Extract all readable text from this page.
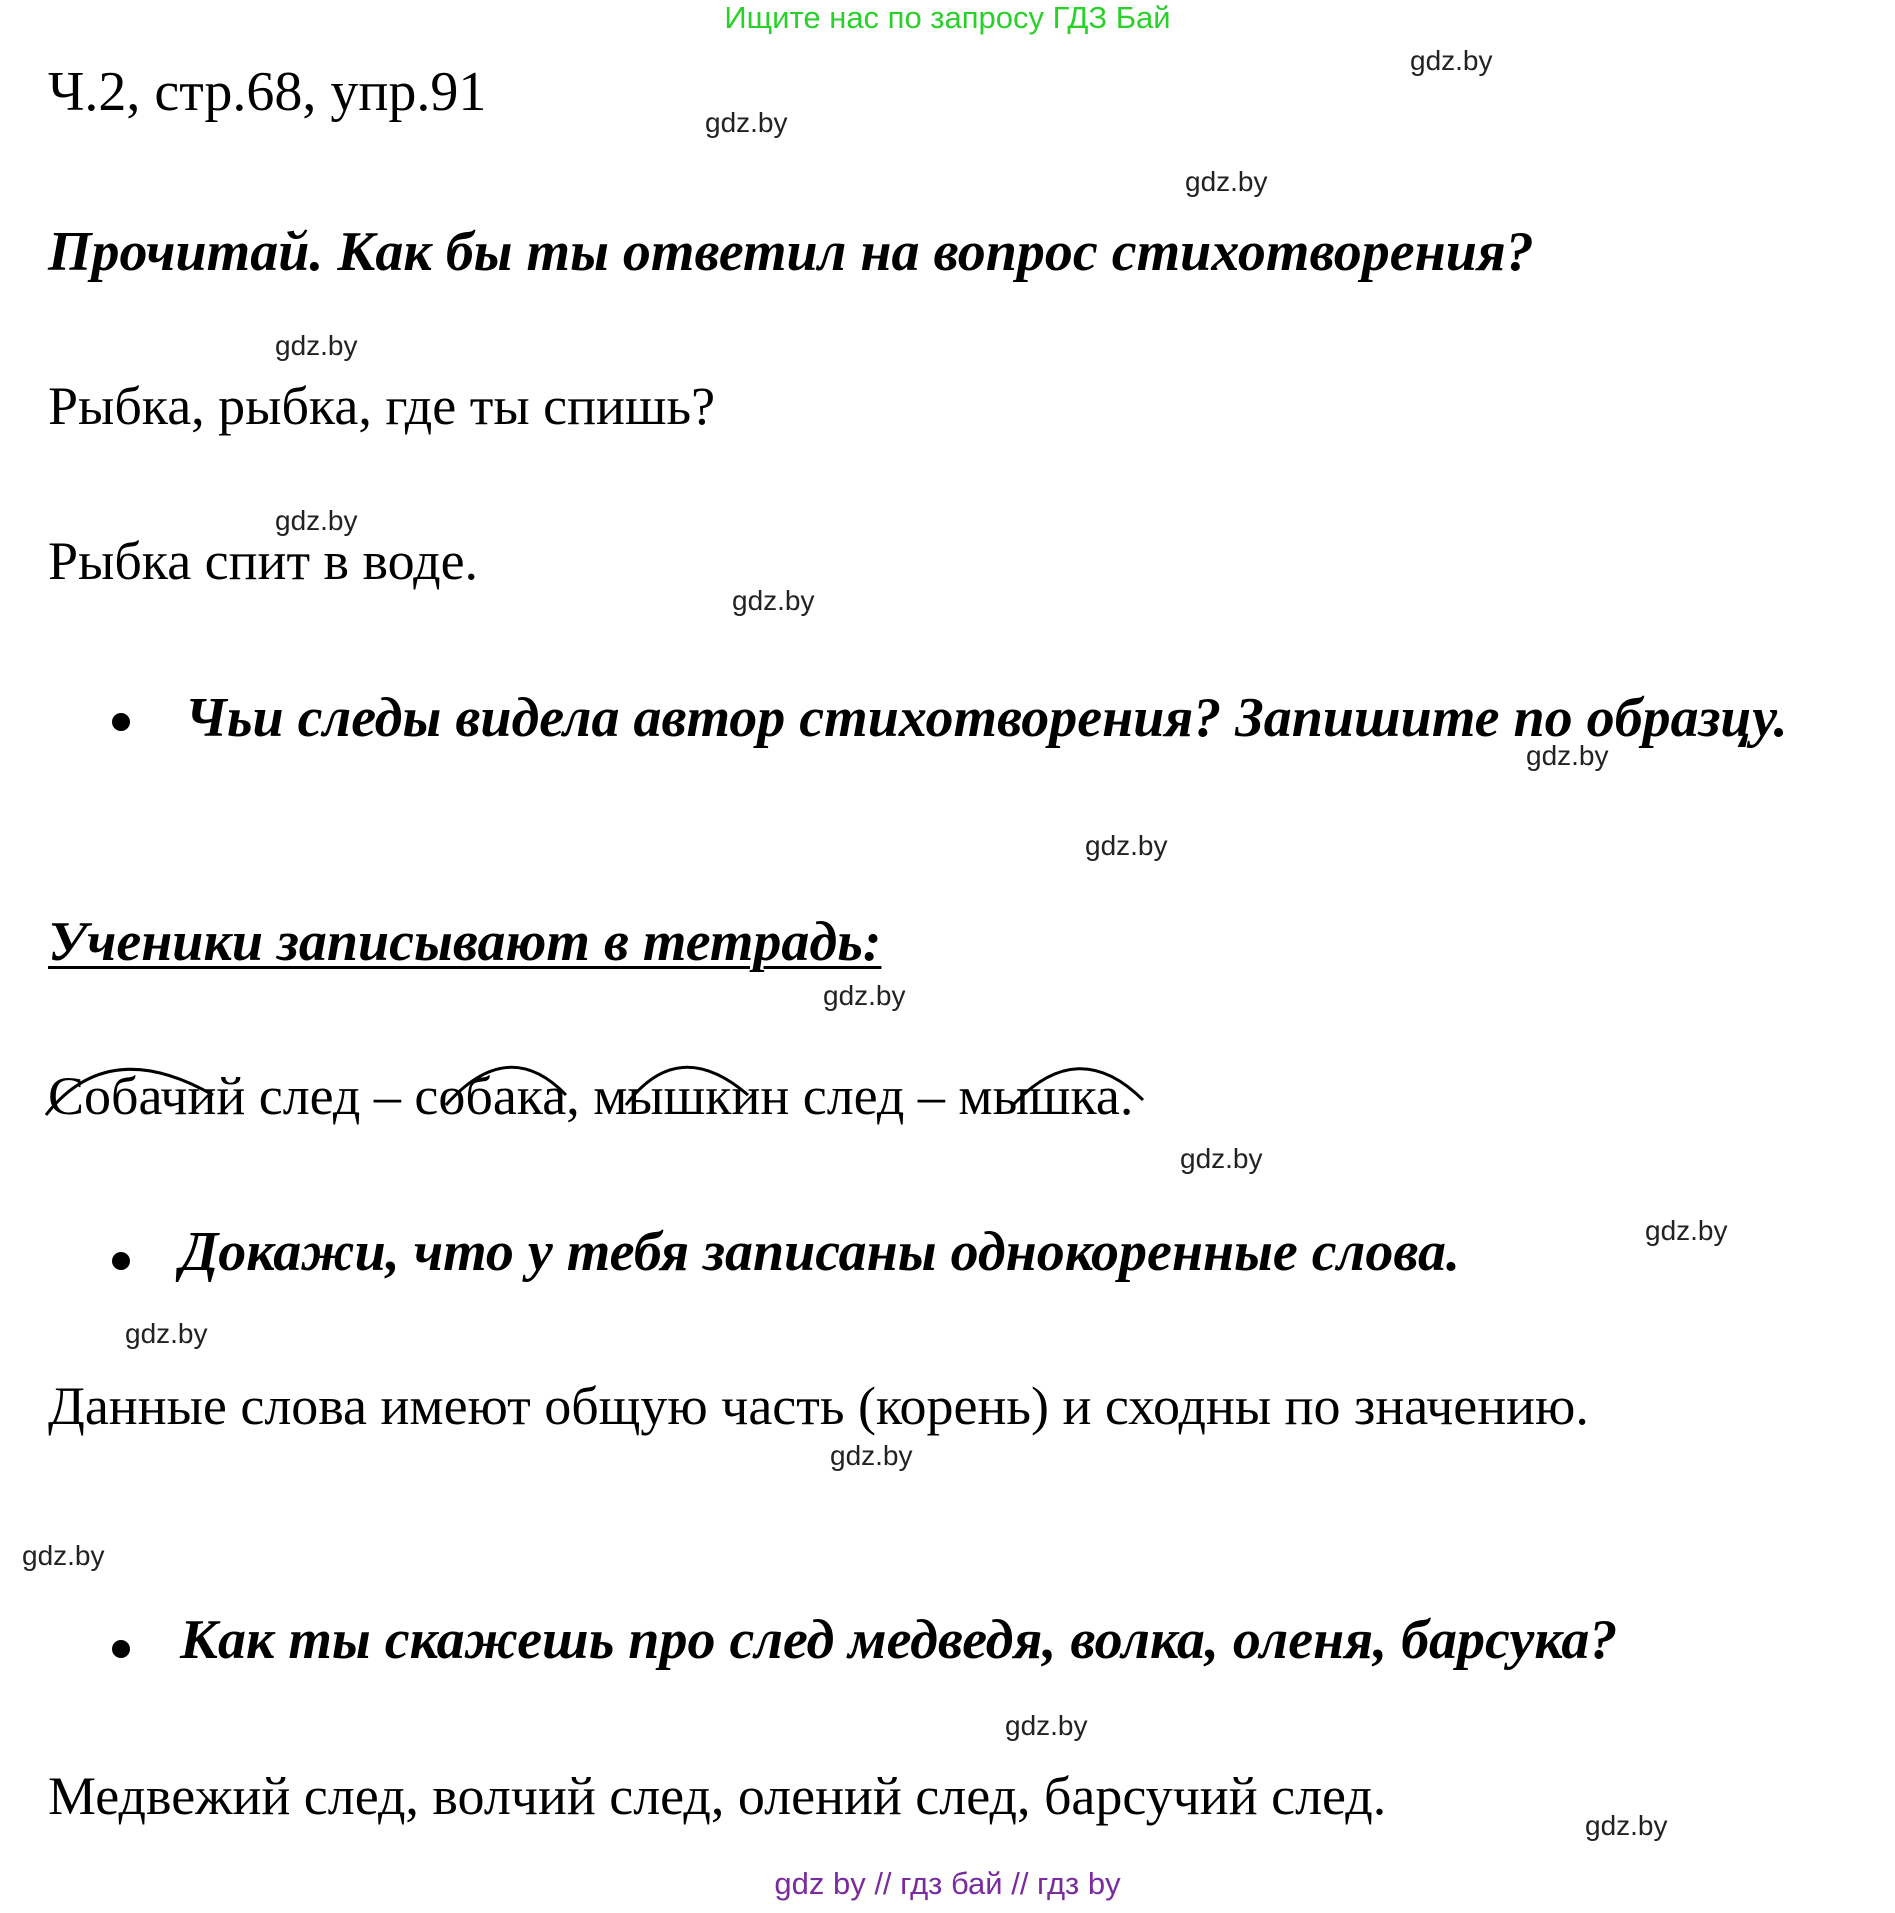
Ищите нас по запросу ГДЗ Бай
Ч.2, стр.68, упр.91
Прочитай. Как бы ты ответил на вопрос стихотворения?
Рыбка, рыбка, где ты спишь?
Рыбка спит в воде.
Чьи следы видела автор стихотворения? Запишите по образцу.
Ученики записывают в тетрадь:
Собачий след – собака, мышкин след – мышка.
Докажи, что у тебя записаны однокоренные слова.
Данные слова имеют общую часть (корень) и сходны по значению.
Как ты скажешь про след медведя, волка, оленя, барсука?
Медвежий след, волчий след, олений след, барсучий след.
gdz.by
gdz.by
gdz.by
gdz.by
gdz.by
gdz.by
gdz.by
gdz.by
gdz.by
gdz.by
gdz.by
gdz.by
gdz.by
gdz.by
gdz.by
gdz.by
gdz by // гдз бай // гдз by
